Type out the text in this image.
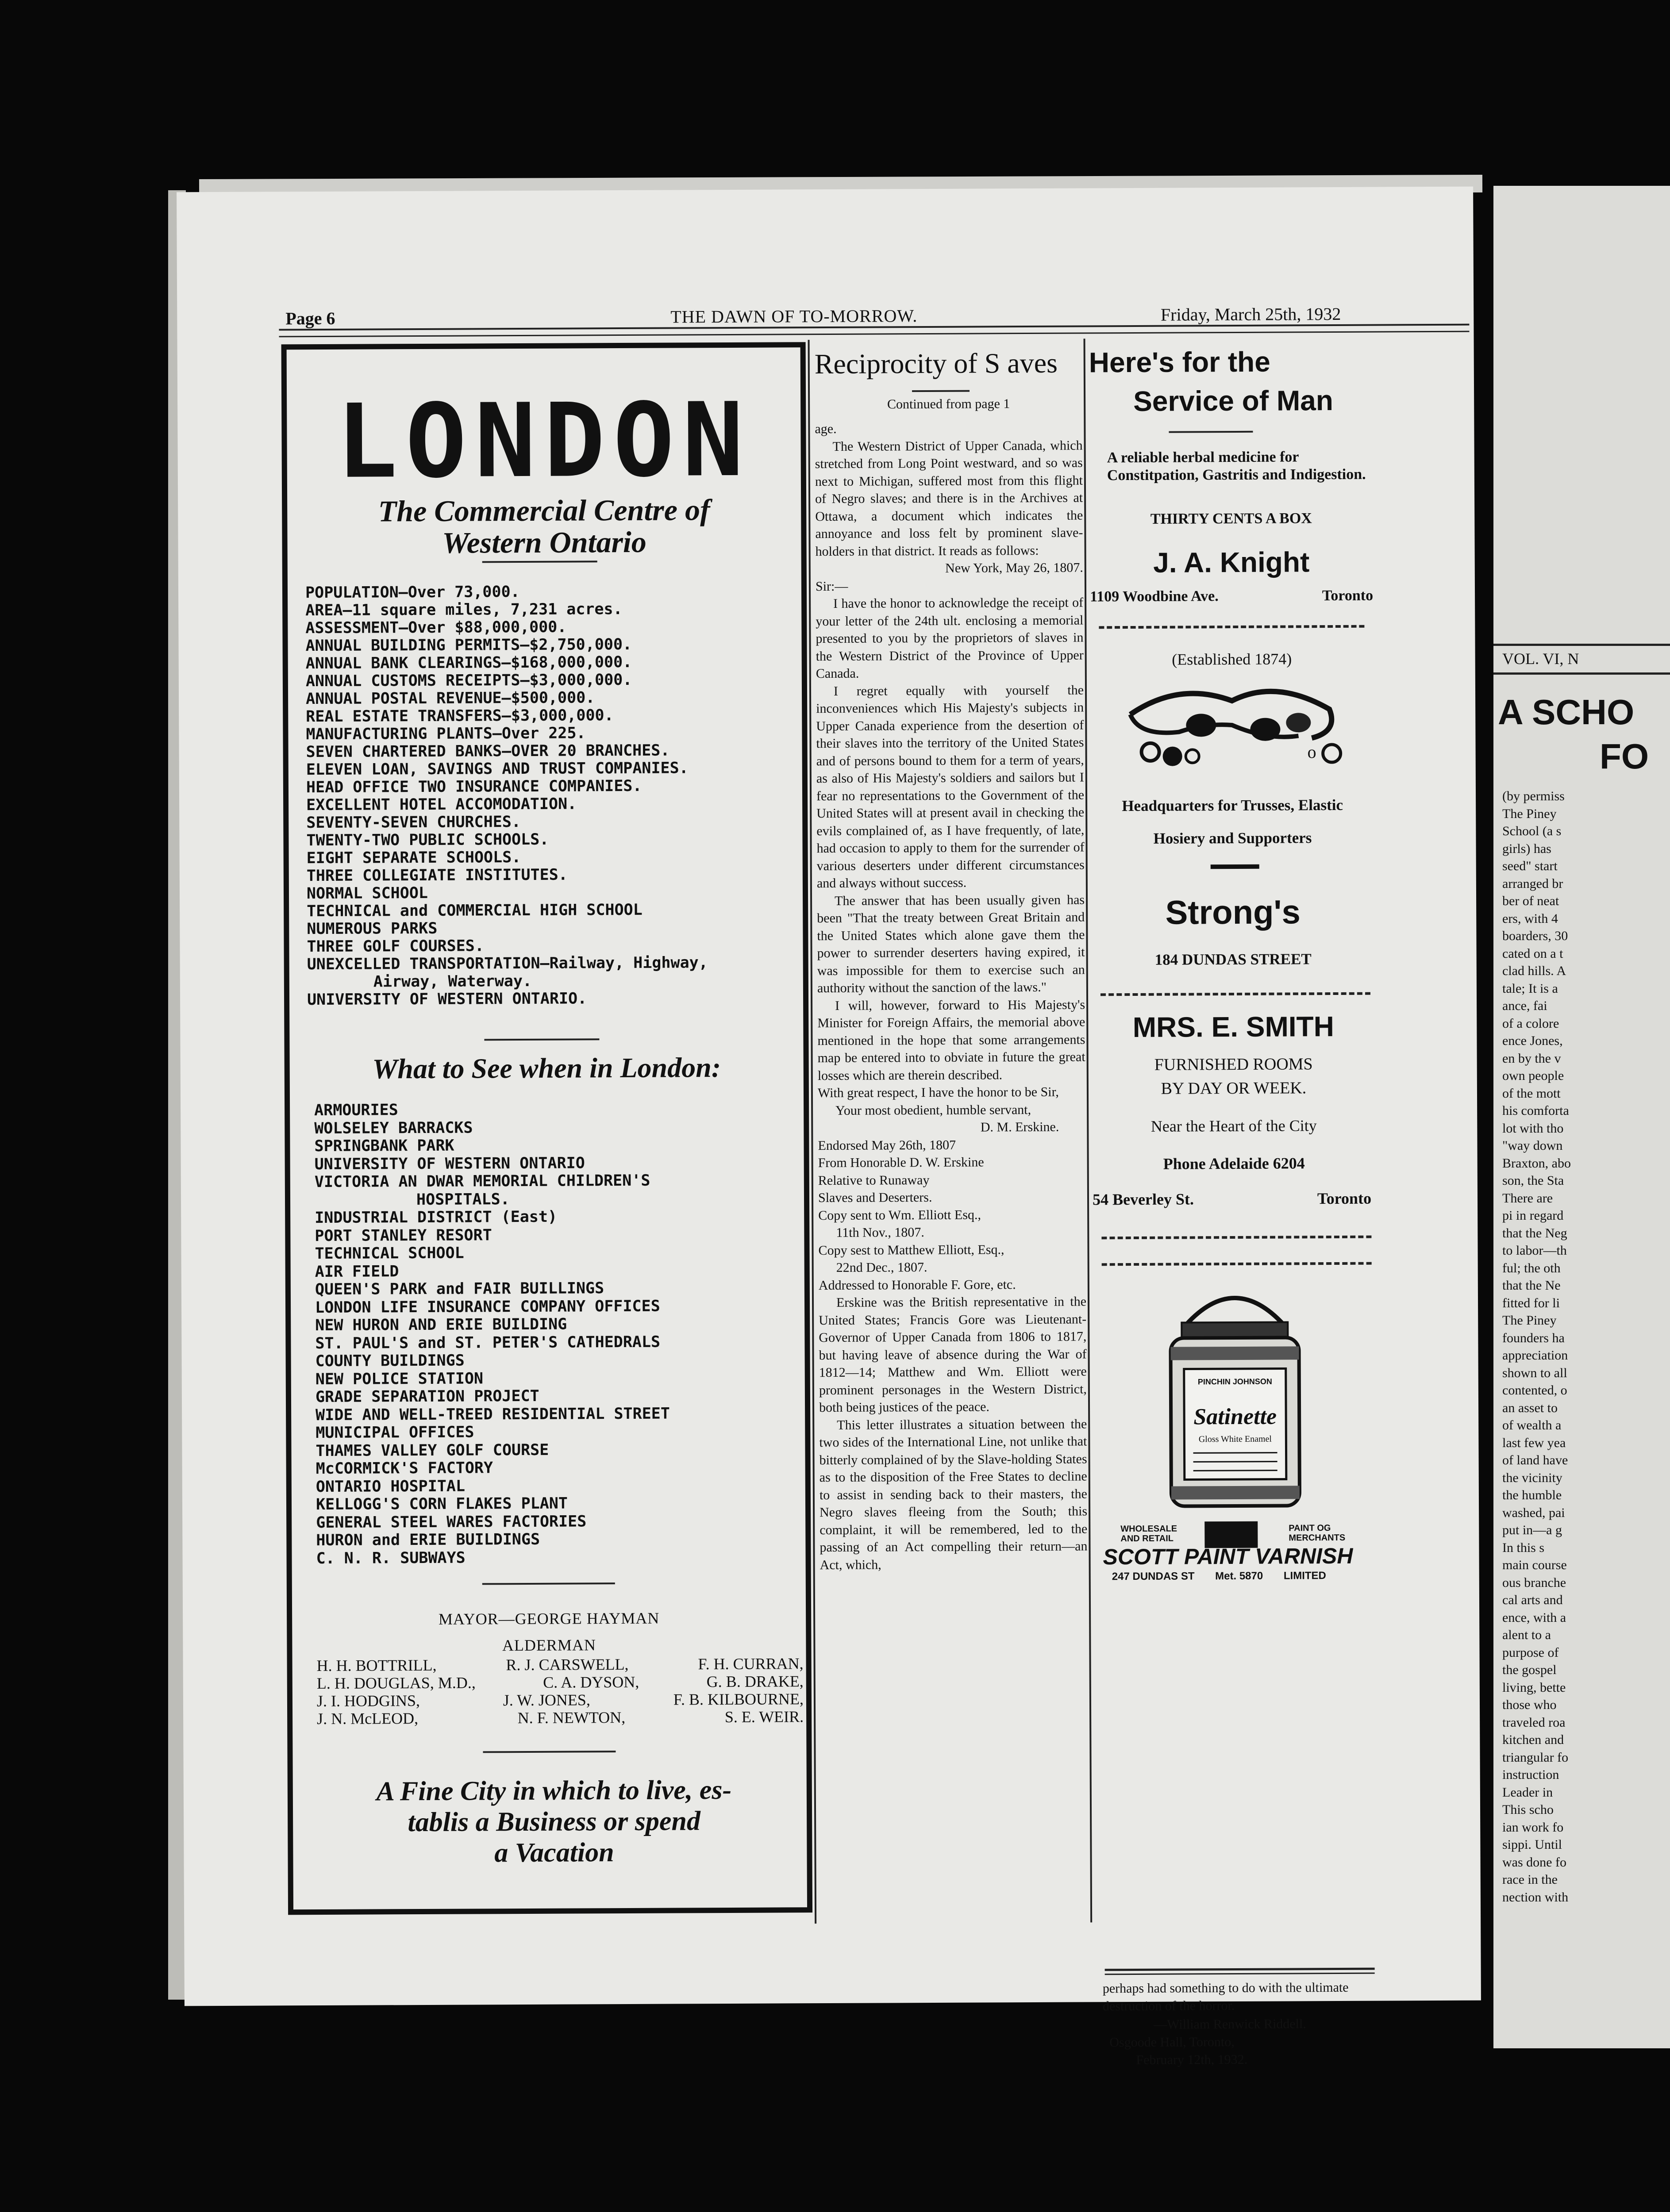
Page 6	THE DAWN OF TO-MORROW.	Friday, March 25th, 1932
LONDON
The Commercial Centre of
Western Ontario
POPULATION—Over 73,000.
AREA—11 square miles, 7,231 acres.
ASSESSMENT—Over $88,000,000.
ANNUAL BUILDING PERMITS—$2,750,000.
ANNUAL BANK CLEARINGS—$168,000,000.
ANNUAL CUSTOMS RECEIPTS—$3,000,000.
ANNUAL POSTAL REVENUE—$500,000.
REAL ESTATE TRANSFERS—$3,000,000.
MANUFACTURING PLANTS—Over 225.
SEVEN CHARTERED BANKS—OVER 20 BRANCHES.
ELEVEN LOAN, SAVINGS AND TRUST COMPANIES.
HEAD OFFICE TWO INSURANCE COMPANIES.
EXCELLENT HOTEL ACCOMODATION.
SEVENTY-SEVEN CHURCHES.
TWENTY-TWO PUBLIC SCHOOLS.
EIGHT SEPARATE SCHOOLS.
THREE COLLEGIATE INSTITUTES.
NORMAL SCHOOL
TECHNICAL and COMMERCIAL HIGH SCHOOL
NUMEROUS PARKS
THREE GOLF COURSES.
UNEXCELLED TRANSPORTATION—Railway, Highway,
Airway, Waterway.
UNIVERSITY OF WESTERN ONTARIO.
What to See when in London:
ARMOURIES
WOLSELEY BARRACKS
SPRINGBANK PARK
UNIVERSITY OF WESTERN ONTARIO
VICTORIA AN DWAR MEMORIAL CHILDREN'S
HOSPITALS.
INDUSTRIAL DISTRICT (East)
PORT STANLEY RESORT
TECHNICAL SCHOOL
AIR FIELD
QUEEN'S PARK and FAIR BUILLINGS
LONDON LIFE INSURANCE COMPANY OFFICES
NEW HURON AND ERIE BUILDING
ST. PAUL'S and ST. PETER'S CATHEDRALS
COUNTY BUILDINGS
NEW POLICE STATION
GRADE SEPARATION PROJECT
WIDE AND WELL-TREED RESIDENTIAL STREET
MUNICIPAL OFFICES
THAMES VALLEY GOLF COURSE
McCORMICK'S FACTORY
ONTARIO HOSPITAL
KELLOGG'S CORN FLAKES PLANT
GENERAL STEEL WARES FACTORIES
HURON and ERIE BUILDINGS
C. N. R. SUBWAYS
MAYOR—GEORGE HAYMAN
ALDERMAN
H. H. BOTTRILL,	R. J. CARSWELL,	F. H. CURRAN,
L. H. DOUGLAS, M.D.,	C. A. DYSON,	G. B. DRAKE,
J. I. HODGINS,	J. W. JONES,	F. B. KILBOURNE,
J. N. McLEOD,	N. F. NEWTON,	S. E. WEIR.
A Fine City in which to live, es-
tablis a Business or spend
a Vacation
Reciprocity of S aves
Continued from page 1

age.

The Western District of Upper Canada, which stretched from Long Point westward, and so was next to Michigan, suffered most from this flight of Negro slaves; and there is in the Archives at Ottawa, a document which indicates the annoyance and loss felt by prominent slave-holders in that district. It reads as follows:

New York, May 26, 1807.

Sir:—

I have the honor to acknowledge the receipt of your letter of the 24th ult. enclosing a memorial presented to you by the proprietors of slaves in the Western District of the Province of Upper Canada.

I regret equally with yourself the inconveniences which His Majesty's subjects in Upper Canada experience from the desertion of their slaves into the territory of the United States and of persons bound to them for a term of years, as also of His Majesty's soldiers and sailors but I fear no representations to the Government of the United States will at present avail in checking the evils complained of, as I have frequently, of late, had occasion to apply to them for the surrender of various deserters under different circumstances and always without success.

The answer that has been usually given has been "That the treaty between Great Britain and the United States which alone gave them the power to surrender deserters having expired, it was impossible for them to exercise such an authority without the sanction of the laws."

I will, however, forward to His Majesty's Minister for Foreign Affairs, the memorial above mentioned in the hope that some arrangements map be entered into to obviate in future the great losses which are therein described.

With great respect, I have the honor to be Sir,

Your most obedient, humble servant,

D. M. Erskine.

Endorsed May 26th, 1807

From Honorable D. W. Erskine

Relative to Runaway

Slaves and Deserters.

Copy sent to Wm. Elliott Esq.,

11th Nov., 1807.

Copy sest to Matthew Elliott, Esq.,

22nd Dec., 1807.

Addressed to Honorable F. Gore, etc.

Erskine was the British representative in the United States; Francis Gore was Lieutenant-Governor of Upper Canada from 1806 to 1817, but having leave of absence during the War of 1812—14; Matthew and Wm. Elliott were prominent personages in the Western District, both being justices of the peace.

This letter illustrates a situation between the two sides of the International Line, not unlike that bitterly complained of by the Slave-holding States as to the disposition of the Free States to decline to assist in sending back to their masters, the Negro slaves fleeing from the South; this complaint, it will be remembered, led to the passing of an Act compelling their return—an Act, which,

Here's for the
Service of Man
A reliable herbal medicine for Constitpation, Gastritis and Indigestion.
THIRTY CENTS A BOX
J. A. Knight
1109 Woodbine Ave.	Toronto
(Established 1874)
o
Headquarters for Trusses, Elastic
Hosiery and Supporters
Strong's
184 DUNDAS STREET
MRS. E. SMITH
FURNISHED ROOMS
BY DAY OR WEEK.
Near the Heart of the City
Phone Adelaide 6204
54 Beverley St.	Toronto
PINCHIN JOHNSON
Satinette
Gloss White Enamel
WHOLESALE
AND RETAIL
PAINT OG
MERCHANTS
SCOTT PAINT VARNISH
247 DUNDAS ST Met. 5870 LIMITED
perhaps had something to do with the ultimate destruction of the horror.
—William Renwick Riddell.
Osgoode Hall, Toronto,
February 12th, 1932.
VOL. VI, N
A SCHO
FO
(by permiss
The Piney
School (a s
girls) has
seed" start
arranged br
ber of neat
ers, with 4
boarders, 30
cated on a t
clad hills. A
tale; It is a
ance, fai
of a colore
ence Jones,
en by the v
own people
of the mott
his comforta
lot with tho
"way down
Braxton, abo
son, the Sta
There are
pi in regard
that the Neg
to labor—th
ful; the oth
that the Ne
fitted for li
The Piney
founders ha
appreciation
shown to all
contented, o
an asset to
of wealth a
last few yea
of land have
the vicinity
the humble
washed, pai
put in—a g
In this s
main course
ous branche
cal arts and
ence, with a
alent to a
purpose of
the gospel
living, bette
those who
traveled roa
kitchen and
triangular fo
instruction
Leader in
This scho
ian work fo
sippi. Until
was done fo
race in the
nection with
